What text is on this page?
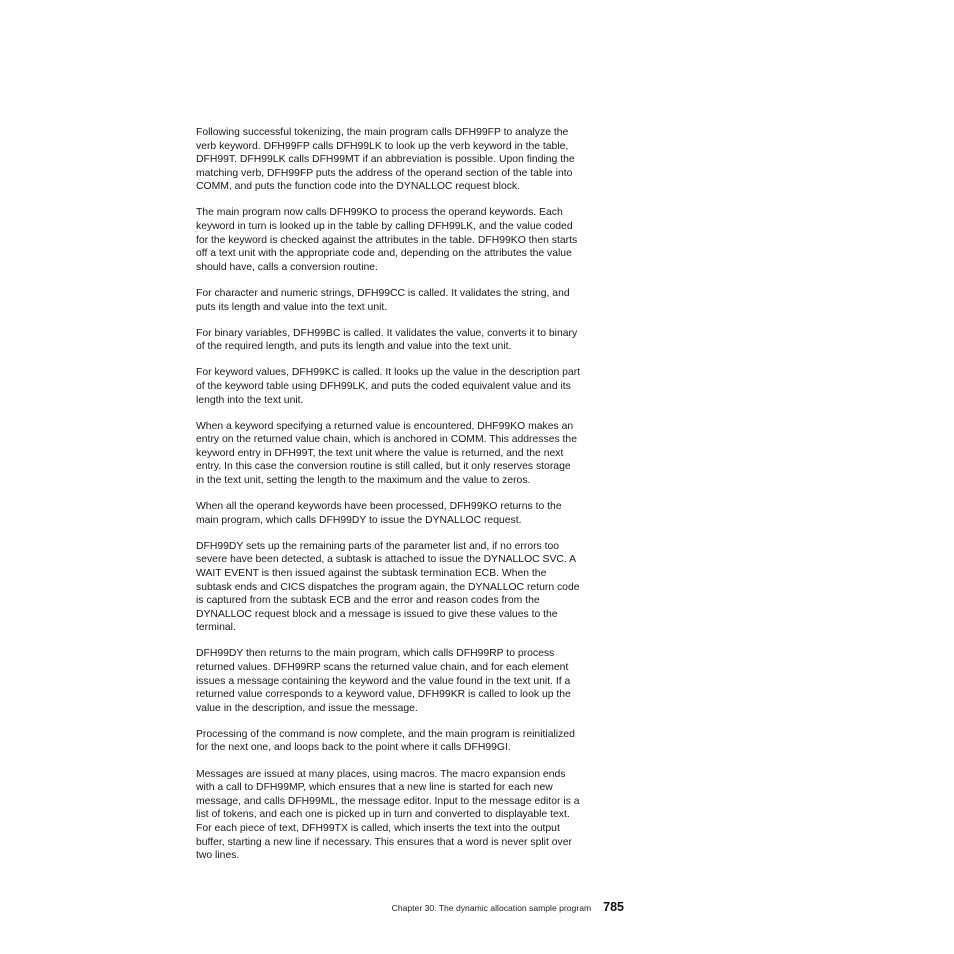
Following successful tokenizing, the main program calls DFH99FP to analyze the
verb keyword. DFH99FP calls DFH99LK to look up the verb keyword in the table,
DFH99T. DFH99LK calls DFH99MT if an abbreviation is possible. Upon finding the
matching verb, DFH99FP puts the address of the operand section of the table into
COMM, and puts the function code into the DYNALLOC request block.

The main program now calls DFH99KO to process the operand keywords. Each
keyword in turn is looked up in the table by calling DFH99LK, and the value coded
for the keyword is checked against the attributes in the table. DFH99KO then starts
off a text unit with the appropriate code and, depending on the attributes the value
should have, calls a conversion routine.

For character and numeric strings, DFH99CC is called. It validates the string, and
puts its length and value into the text unit.

For binary variables, DFH99BC is called. It validates the value, converts it to binary
of the required length, and puts its length and value into the text unit.

For keyword values, DFH99KC is called. It looks up the value in the description part
of the keyword table using DFH99LK, and puts the coded equivalent value and its
length into the text unit.

When a keyword specifying a returned value is encountered, DHF99KO makes an
entry on the returned value chain, which is anchored in COMM. This addresses the
keyword entry in DFH99T, the text unit where the value is returned, and the next
entry. In this case the conversion routine is still called, but it only reserves storage
in the text unit, setting the length to the maximum and the value to zeros.

When all the operand keywords have been processed, DFH99KO returns to the
main program, which calls DFH99DY to issue the DYNALLOC request.

DFH99DY sets up the remaining parts of the parameter list and, if no errors too
severe have been detected, a subtask is attached to issue the DYNALLOC SVC. A
WAIT EVENT is then issued against the subtask termination ECB. When the
subtask ends and CICS dispatches the program again, the DYNALLOC return code
is captured from the subtask ECB and the error and reason codes from the
DYNALLOC request block and a message is issued to give these values to the
terminal.

DFH99DY then returns to the main program, which calls DFH99RP to process
returned values. DFH99RP scans the returned value chain, and for each element
issues a message containing the keyword and the value found in the text unit. If a
returned value corresponds to a keyword value, DFH99KR is called to look up the
value in the description, and issue the message.

Processing of the command is now complete, and the main program is reinitialized
for the next one, and loops back to the point where it calls DFH99GI.

Messages are issued at many places, using macros. The macro expansion ends
with a call to DFH99MP, which ensures that a new line is started for each new
message, and calls DFH99ML, the message editor. Input to the message editor is a
list of tokens, and each one is picked up in turn and converted to displayable text.
For each piece of text, DFH99TX is called, which inserts the text into the output
buffer, starting a new line if necessary. This ensures that a word is never split over
two lines.

Chapter 30. The dynamic allocation sample program 785
